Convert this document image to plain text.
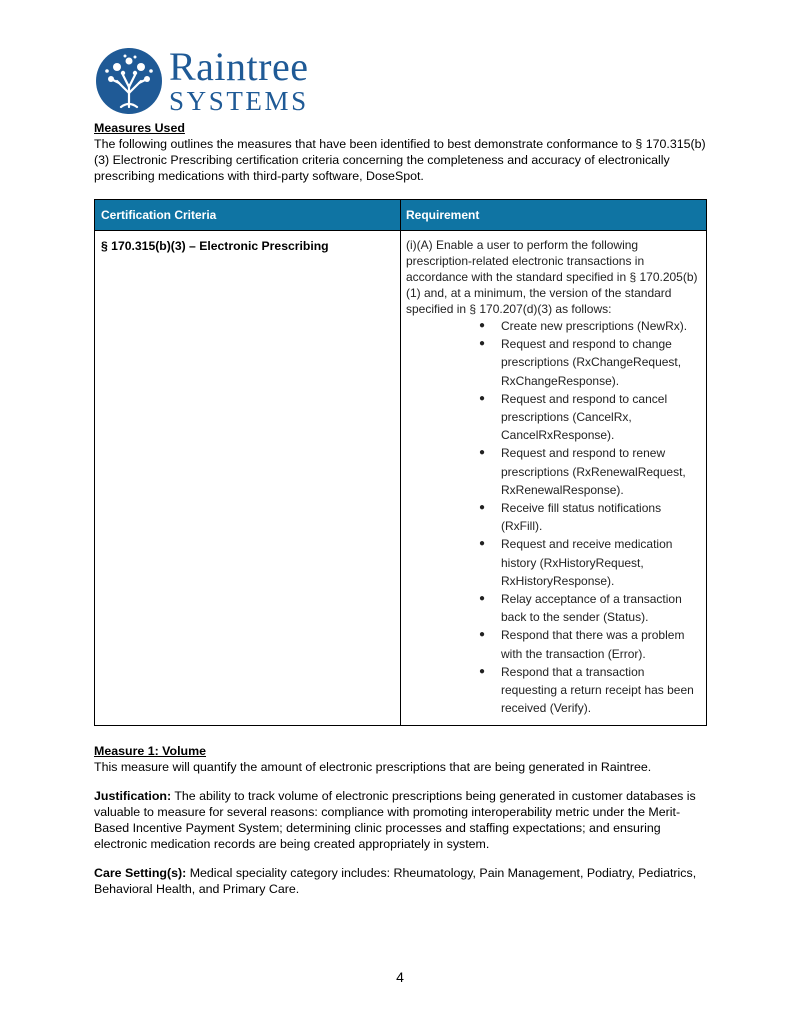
Raintree
SYSTEMS
Measures Used
The following outlines the measures that have been identified to best demonstrate conformance to § 170.315(b)(3) Electronic Prescribing certification criteria concerning the completeness and accuracy of electronically prescribing medications with third-party software, DoseSpot.
Certification Criteria	Requirement
§ 170.315(b)(3) – Electronic Prescribing	(i)(A) Enable a user to perform the following prescription-related electronic transactions in accordance with the standard specified in § 170.205(b)(1) and, at a minimum, the version of the standard specified in § 170.207(d)(3) as follows:

● Create new prescriptions (NewRx).
● Request and respond to change prescriptions (RxChangeRequest, RxChangeResponse).
● Request and respond to cancel prescriptions (CancelRx, CancelRxResponse).
● Request and respond to renew prescriptions (RxRenewalRequest, RxRenewalResponse).
● Receive fill status notifications (RxFill).
● Request and receive medication history (RxHistoryRequest, RxHistoryResponse).
● Relay acceptance of a transaction back to the sender (Status).
● Respond that there was a problem with the transaction (Error).
● Respond that a transaction requesting a return receipt has been received (Verify).
Measure 1: Volume
This measure will quantify the amount of electronic prescriptions that are being generated in Raintree.
Justification: The ability to track volume of electronic prescriptions being generated in customer databases is valuable to measure for several reasons: compliance with promoting interoperability metric under the Merit-Based Incentive Payment System; determining clinic processes and staffing expectations; and ensuring electronic medication records are being created appropriately in system.
Care Setting(s): Medical speciality category includes: Rheumatology, Pain Management, Podiatry, Pediatrics, Behavioral Health, and Primary Care.
4
